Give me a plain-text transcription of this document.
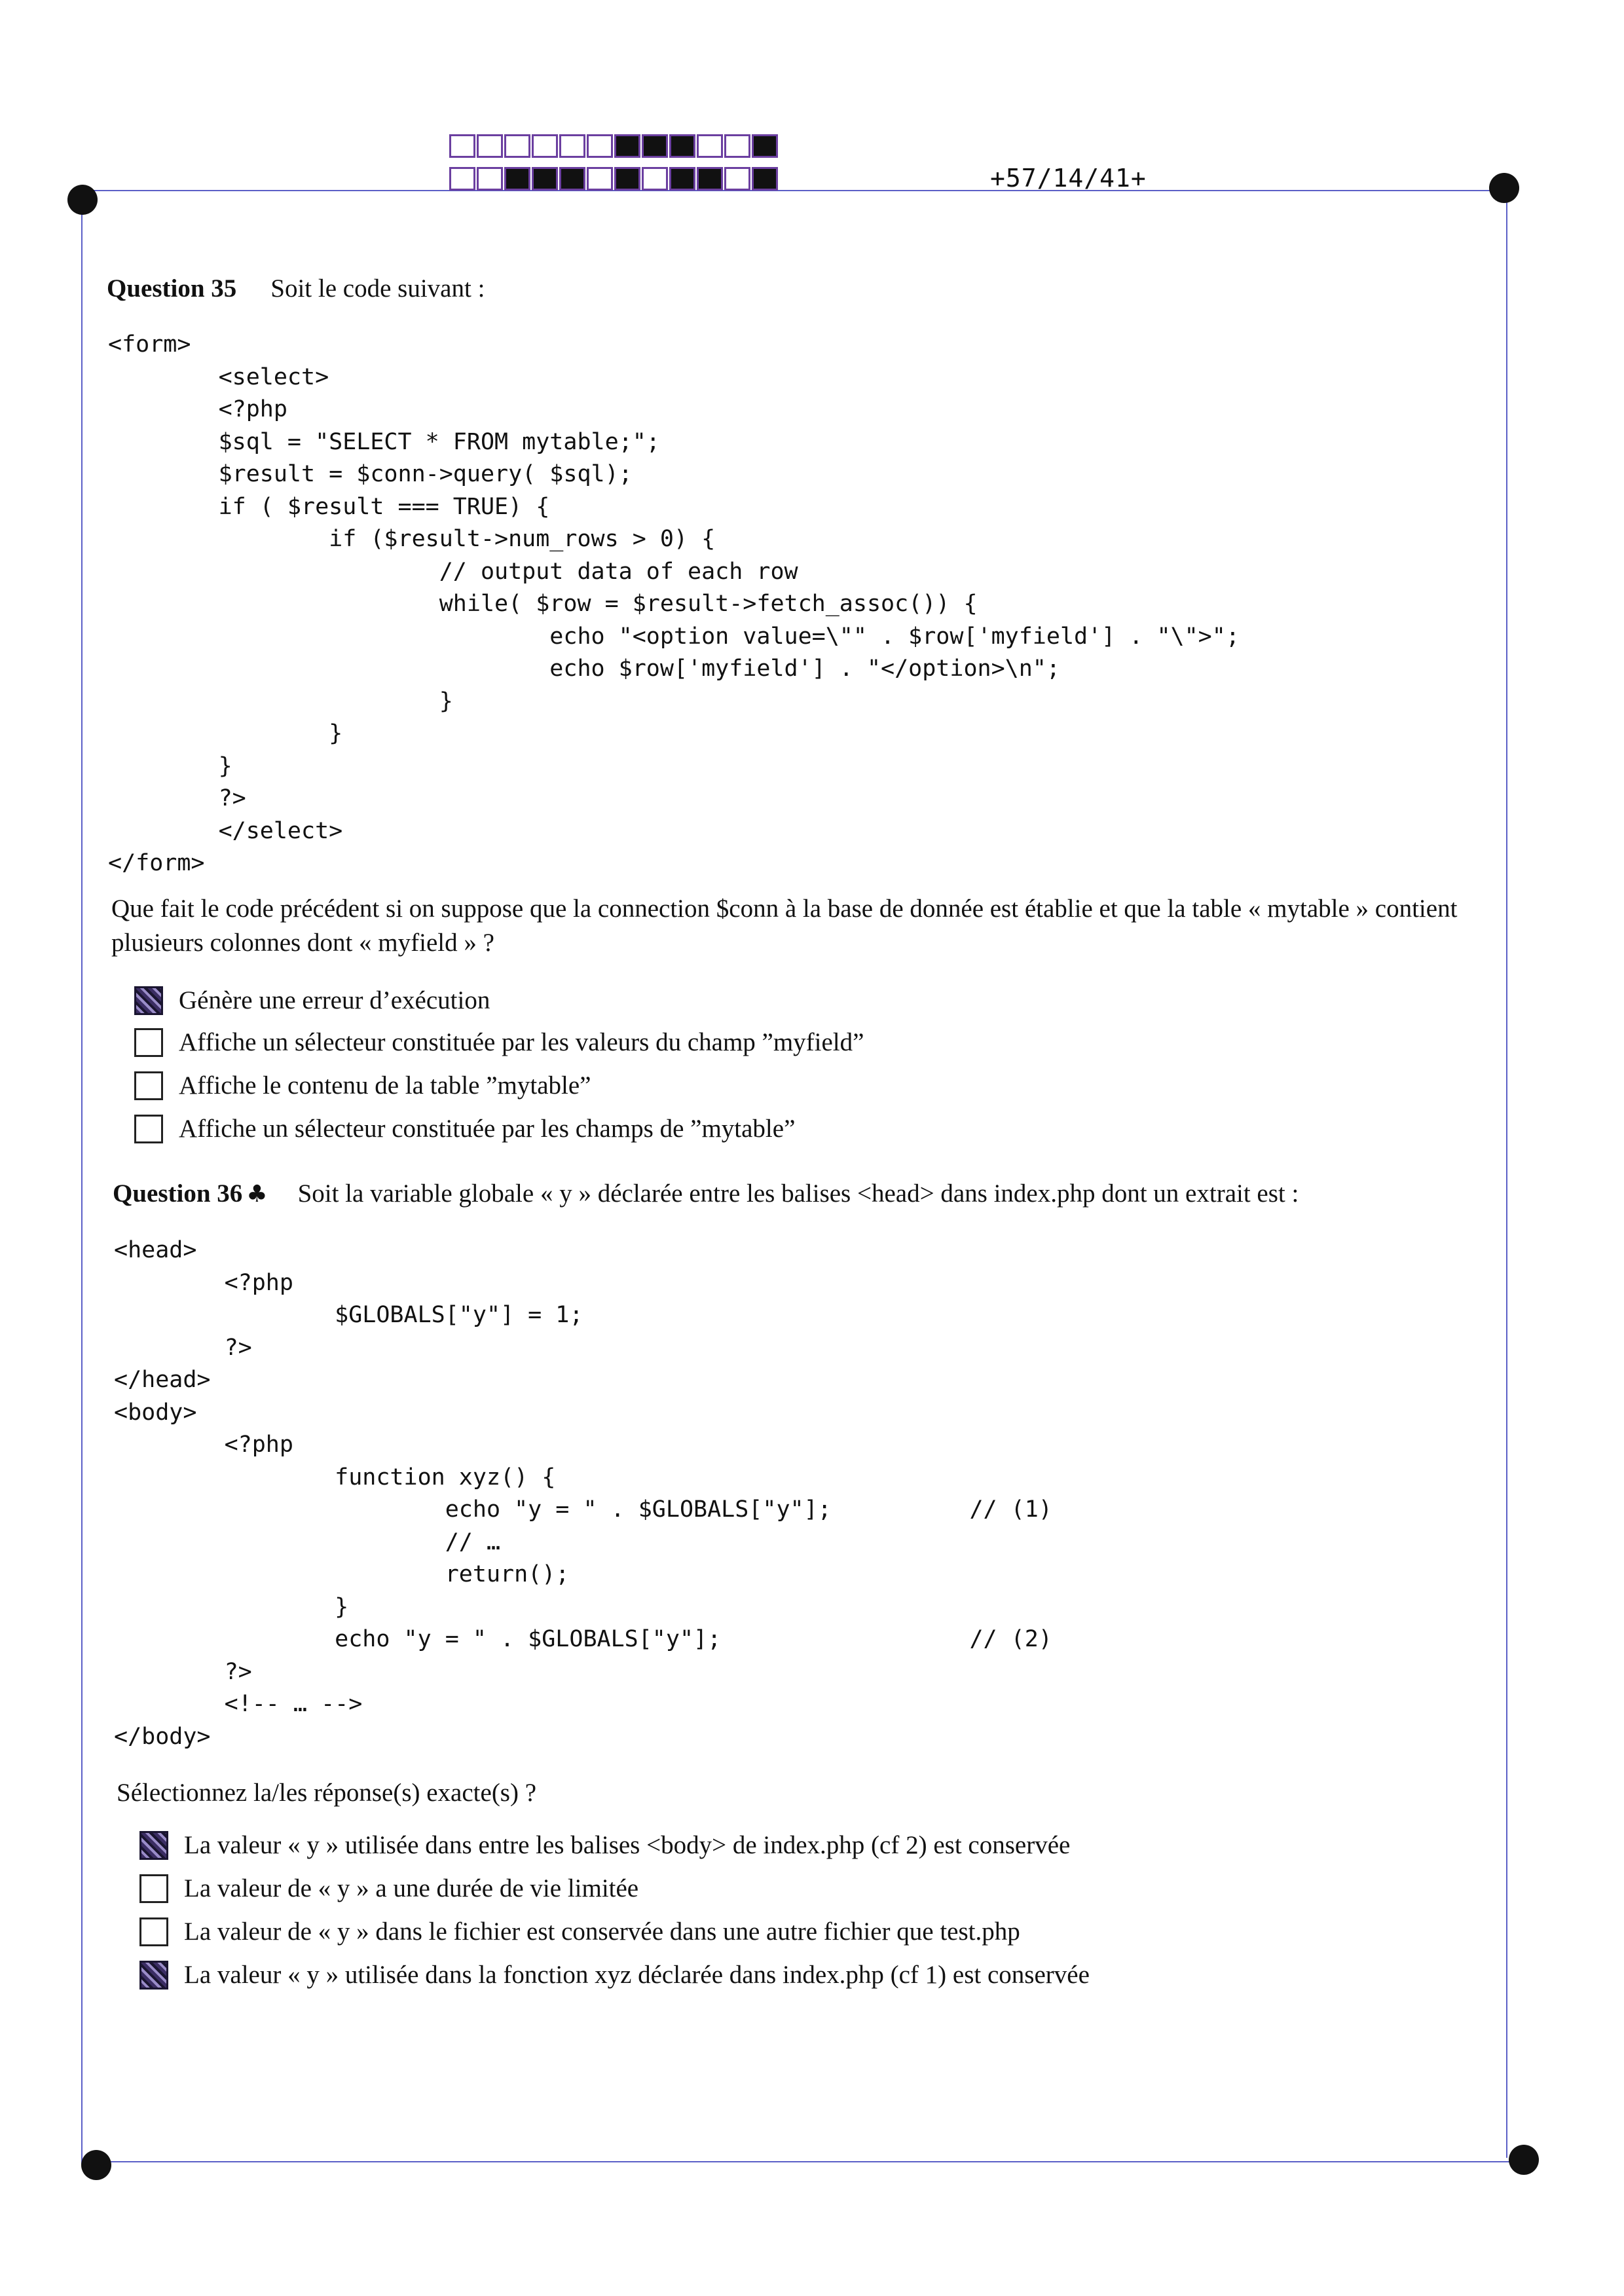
+57/14/41+
Question 35 Soit le code suivant :
<form>
<select>
<?php
$sql = "SELECT * FROM mytable;";
$result = $conn->query( $sql);
if ( $result === TRUE) {
if ($result->num_rows > 0) {
// output data of each row
while( $row = $result->fetch_assoc()) {
echo "<option value=\"" . $row['myfield'] . "\">";
echo $row['myfield'] . "</option>\n";
}
}
}
?>
</select>
</form>
Que fait le code précédent si on suppose que la connection $conn à la base de donnée est établie et que la table « mytable » contient plusieurs colonnes dont « myfield » ?
Génère une erreur d’exécution
Affiche un sélecteur constituée par les valeurs du champ ”myfield”
Affiche le contenu de la table ”mytable”
Affiche un sélecteur constituée par les champs de ”mytable”
Question 36 ♣ Soit la variable globale « y » déclarée entre les balises <head> dans index.php dont un extrait est :
<head>
<?php
$GLOBALS["y"] = 1;
?>
</head>
<body>
<?php
function xyz() {
echo "y = " . $GLOBALS["y"];          // (1)
// …
return();
}
echo "y = " . $GLOBALS["y"];                  // (2)
?>
<!-- … -->
</body>
Sélectionnez la/les réponse(s) exacte(s) ?
La valeur « y » utilisée dans entre les balises <body> de index.php (cf 2) est conservée
La valeur de « y » a une durée de vie limitée
La valeur de « y » dans le fichier est conservée dans une autre fichier que test.php
La valeur « y » utilisée dans la fonction xyz déclarée dans index.php (cf 1) est conservée
